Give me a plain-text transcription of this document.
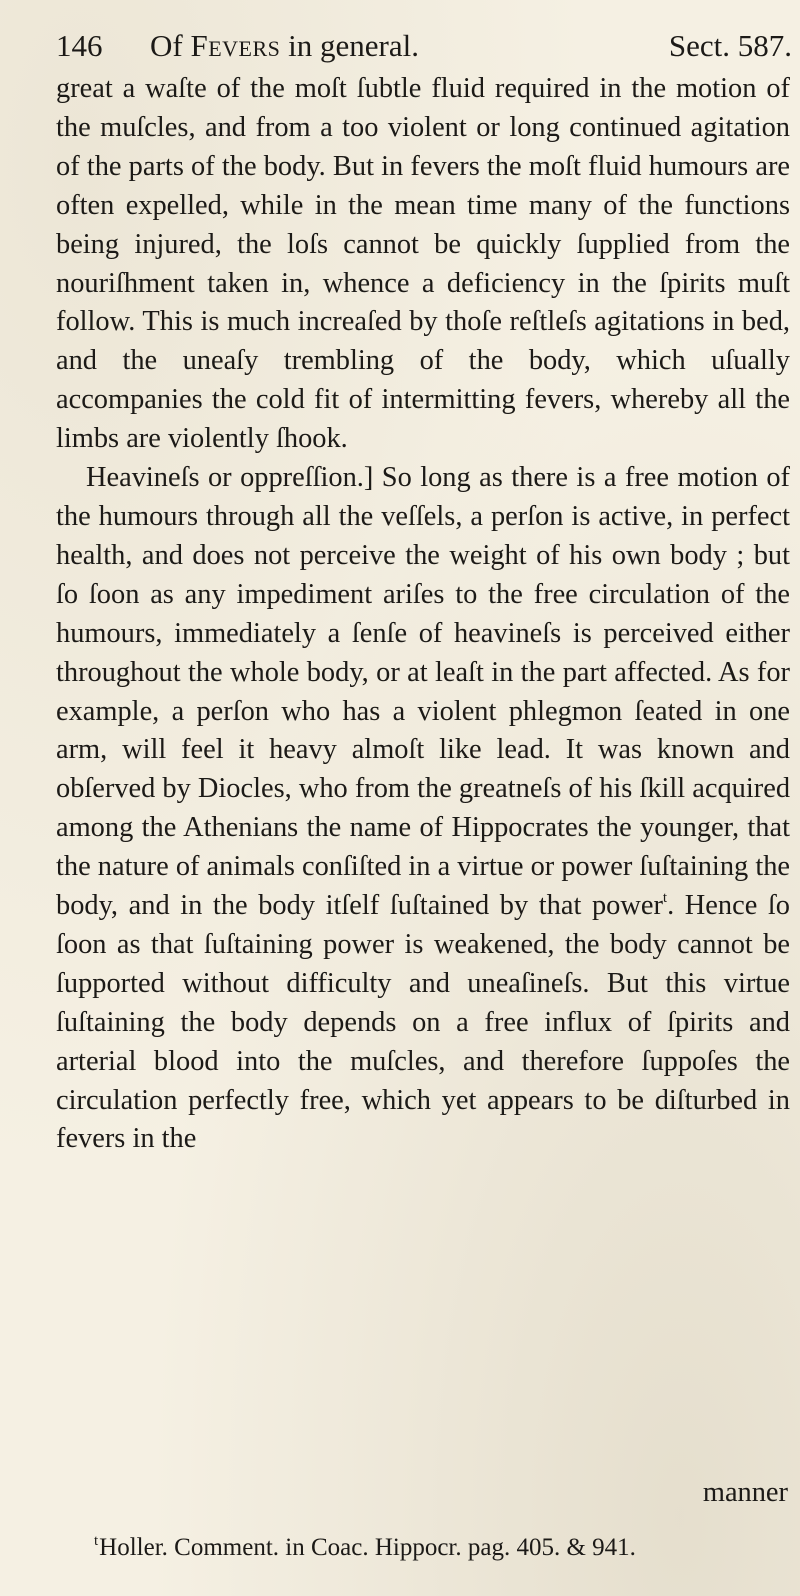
146 Of Fevers in general.	Sect. 587.

great a waſte of the moſt ſubtle fluid required in the motion of the muſcles, and from a too violent or long continued agitation of the parts of the body. But in fevers the moſt fluid humours are often expelled, while in the mean time many of the functions being injured, the loſs cannot be quickly ſupplied from the nouriſhment taken in, whence a deficiency in the ſpirits muſt follow. This is much increaſed by thoſe reſtleſs agitations in bed, and the uneaſy trembling of the body, which uſually accompanies the cold fit of intermitting fevers, whereby all the limbs are violently ſhook.

Heavineſs or oppreſſion.] So long as there is a free motion of the humours through all the veſſels, a perſon is active, in perfect health, and does not perceive the weight of his own body ; but ſo ſoon as any impediment ariſes to the free circulation of the humours, immediately a ſenſe of heavineſs is perceived either throughout the whole body, or at leaſt in the part affected. As for example, a perſon who has a violent phlegmon ſeated in one arm, will feel it heavy almoſt like lead. It was known and obſerved by Diocles, who from the greatneſs of his ſkill acquired among the Athenians the name of Hippocrates the younger, that the nature of animals conſiſted in a virtue or power ſuſtaining the body, and in the body itſelf ſuſtained by that power$^t$. Hence ſo ſoon as that ſuſtaining power is weakened, the body cannot be ſupported without difficulty and uneaſineſs. But this virtue ſuſtaining the body depends on a free influx of ſpirits and arterial blood into the muſcles, and therefore ſuppoſes the circulation perfectly free, which yet appears to be diſturbed in fevers in the

manner
$^t$Holler. Comment. in Coac. Hippocr. pag. 405. & 941.
